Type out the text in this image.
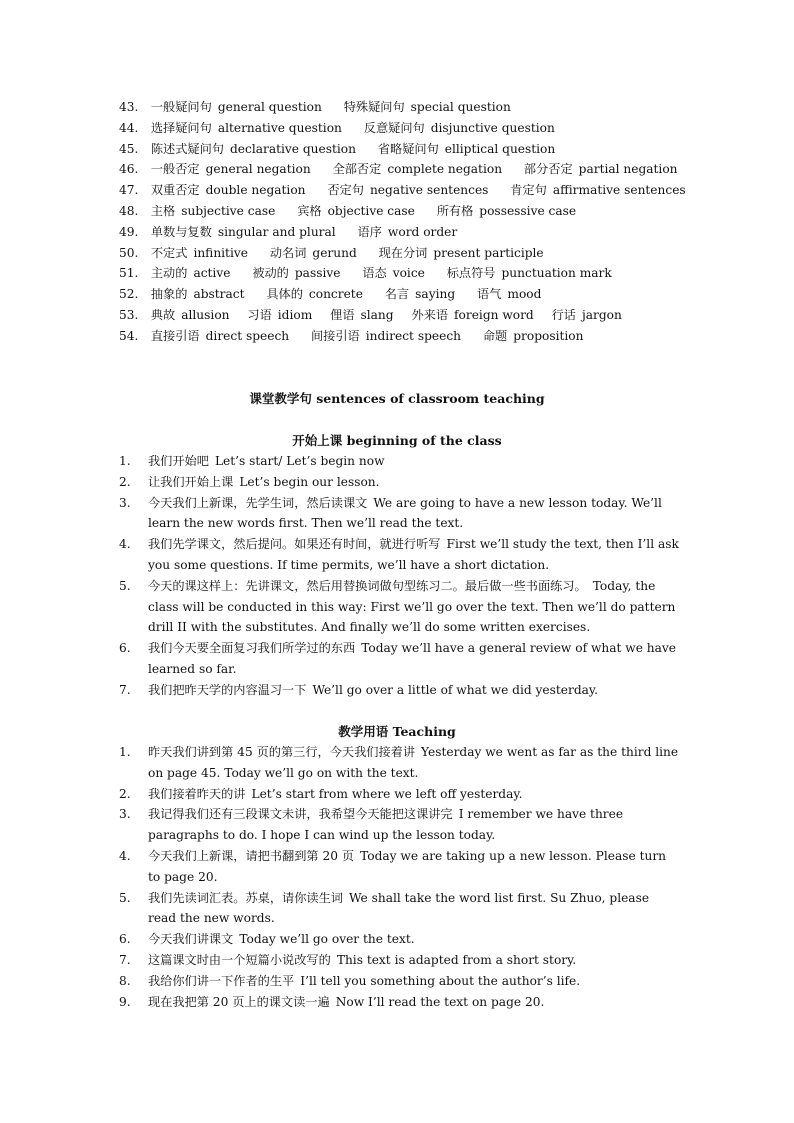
43. 一般疑问句 general question 特殊疑问句 special question
44. 选择疑问句 alternative question 反意疑问句 disjunctive question
45. 陈述式疑问句 declarative question 省略疑问句 elliptical question
46. 一般否定 general negation 全部否定 complete negation 部分否定 partial negation
47. 双重否定 double negation 否定句 negative sentences 肯定句 affirmative sentences
48. 主格 subjective case 宾格 objective case 所有格 possessive case
49. 单数与复数 singular and plural 语序 word order
50. 不定式 infinitive 动名词 gerund 现在分词 present participle
51. 主动的 active 被动的 passive 语态 voice 标点符号 punctuation mark
52. 抽象的 abstract 具体的 concrete 名言 saying 语气 mood
53. 典故 allusion 习语 idiom 俚语 slang 外来语 foreign word 行话 jargon
54. 直接引语 direct speech 间接引语 indirect speech 命题 proposition
课堂教学句 sentences of classroom teaching
开始上课 beginning of the class
1. 我们开始吧 Let’s start/ Let’s begin now
2. 让我们开始上课 Let’s begin our lesson.
3. 今天我们上新课，先学生词，然后读课文 We are going to have a new lesson today. We’ll learn the new words first. Then we’ll read the text.
4. 我们先学课文，然后提问。如果还有时间，就进行听写 First we’ll study the text, then I’ll ask you some questions. If time permits, we’ll have a short dictation.
5. 今天的课这样上：先讲课文，然后用替换词做句型练习二。最后做一些书面练习。 Today, the class will be conducted in this way: First we’ll go over the text. Then we’ll do pattern drill II with the substitutes. And finally we’ll do some written exercises.
6. 我们今天要全面复习我们所学过的东西 Today we’ll have a general review of what we have learned so far.
7. 我们把昨天学的内容温习一下 We’ll go over a little of what we did yesterday.
教学用语 Teaching
1. 昨天我们讲到第 45 页的第三行，今天我们接着讲 Yesterday we went as far as the third line on page 45. Today we’ll go on with the text.
2. 我们接着昨天的讲 Let’s start from where we left off yesterday.
3. 我记得我们还有三段课文未讲，我希望今天能把这课讲完 I remember we have three paragraphs to do. I hope I can wind up the lesson today.
4. 今天我们上新课，请把书翻到第 20 页 Today we are taking up a new lesson. Please turn to page 20.
5. 我们先读词汇表。苏桌，请你读生词 We shall take the word list first. Su Zhuo, please read the new words.
6. 今天我们讲课文 Today we’ll go over the text.
7. 这篇课文时由一个短篇小说改写的 This text is adapted from a short story.
8. 我给你们讲一下作者的生平 I’ll tell you something about the author’s life.
9. 现在我把第 20 页上的课文读一遍 Now I’ll read the text on page 20.
